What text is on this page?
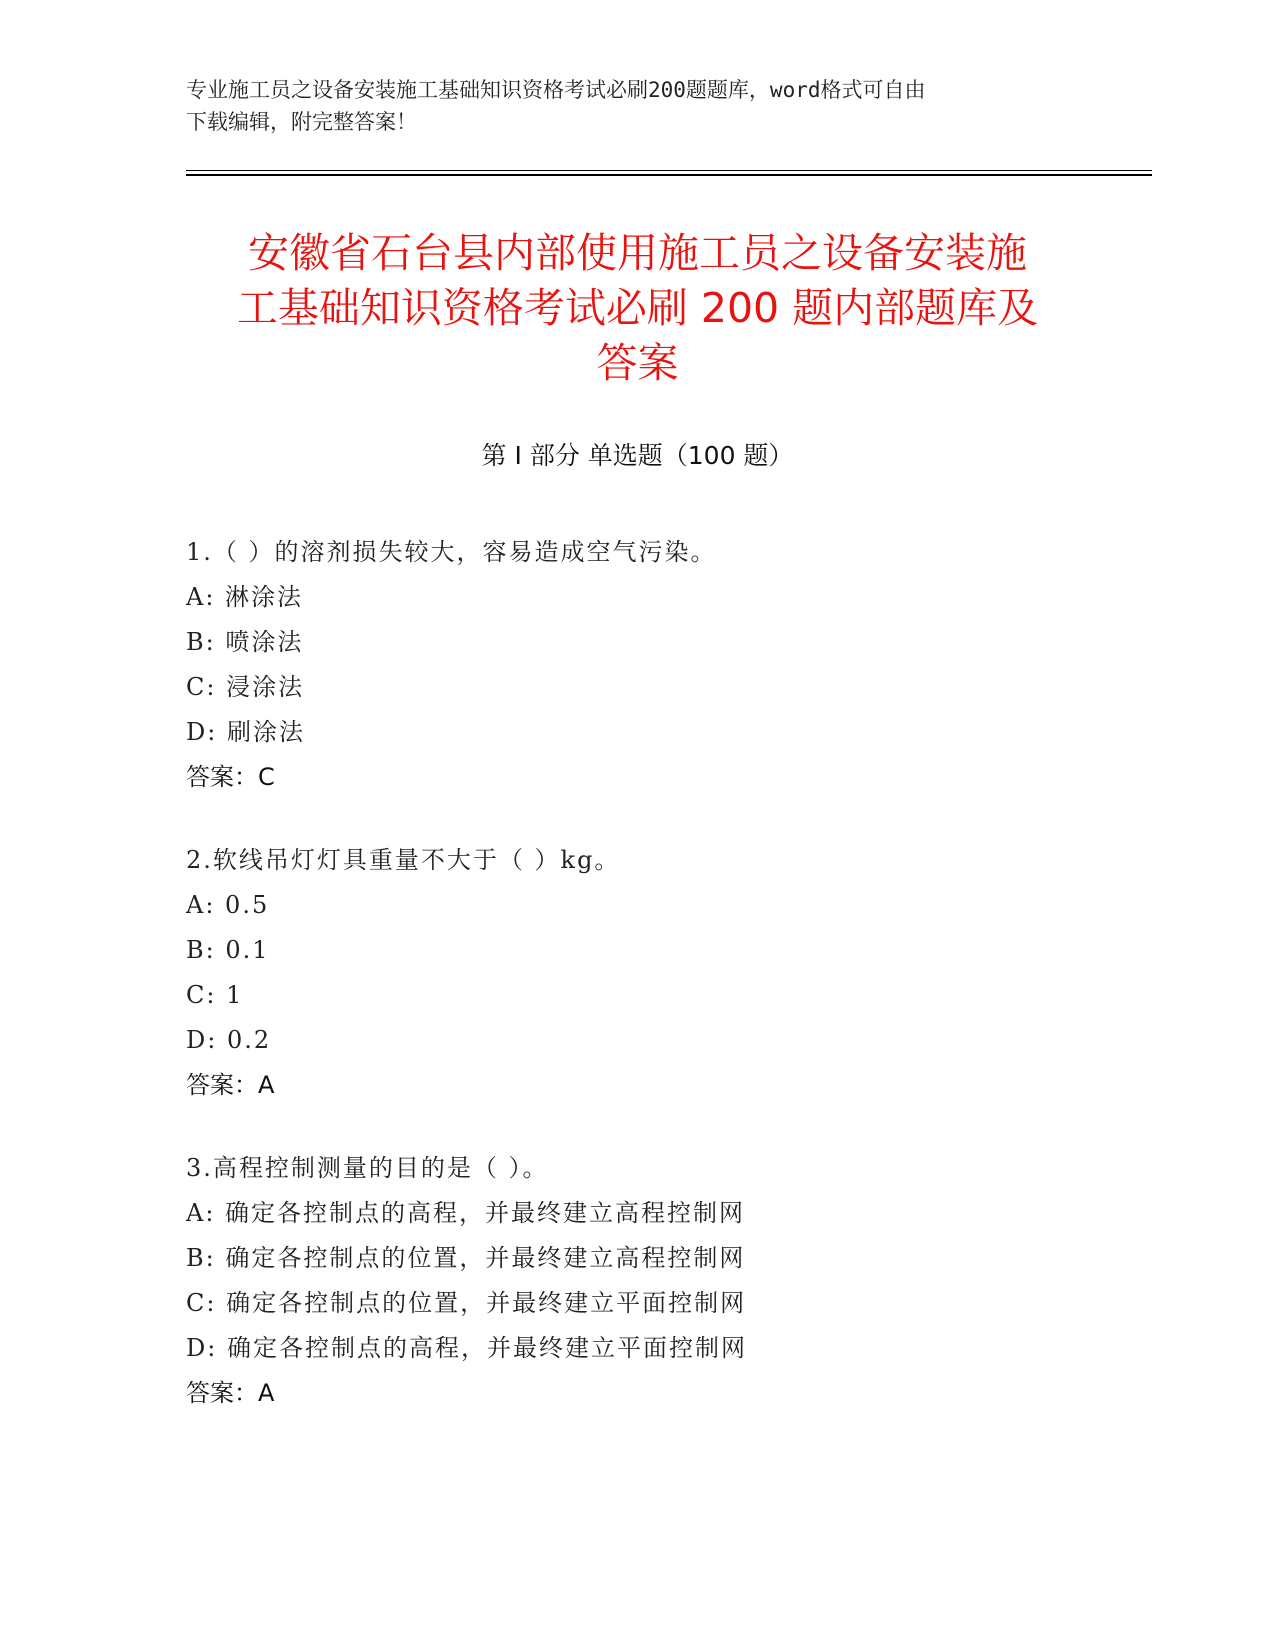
专业施工员之设备安装施工基础知识资格考试必刷200题题库，word格式可自由
下载编辑，附完整答案！
安徽省石台县内部使用施工员之设备安装施
工基础知识资格考试必刷 200 题内部题库及
答案
第 I 部分 单选题（100 题）
1.（ ）的溶剂损失较大，容易造成空气污染。
A: 淋涂法
B: 喷涂法
C: 浸涂法
D: 刷涂法
答案：C
2.软线吊灯灯具重量不大于（ ）kg。
A: 0.5
B: 0.1
C: 1
D: 0.2
答案：A
3.高程控制测量的目的是（ ）。
A: 确定各控制点的高程，并最终建立高程控制网
B: 确定各控制点的位置，并最终建立高程控制网
C: 确定各控制点的位置，并最终建立平面控制网
D: 确定各控制点的高程，并最终建立平面控制网
答案：A
